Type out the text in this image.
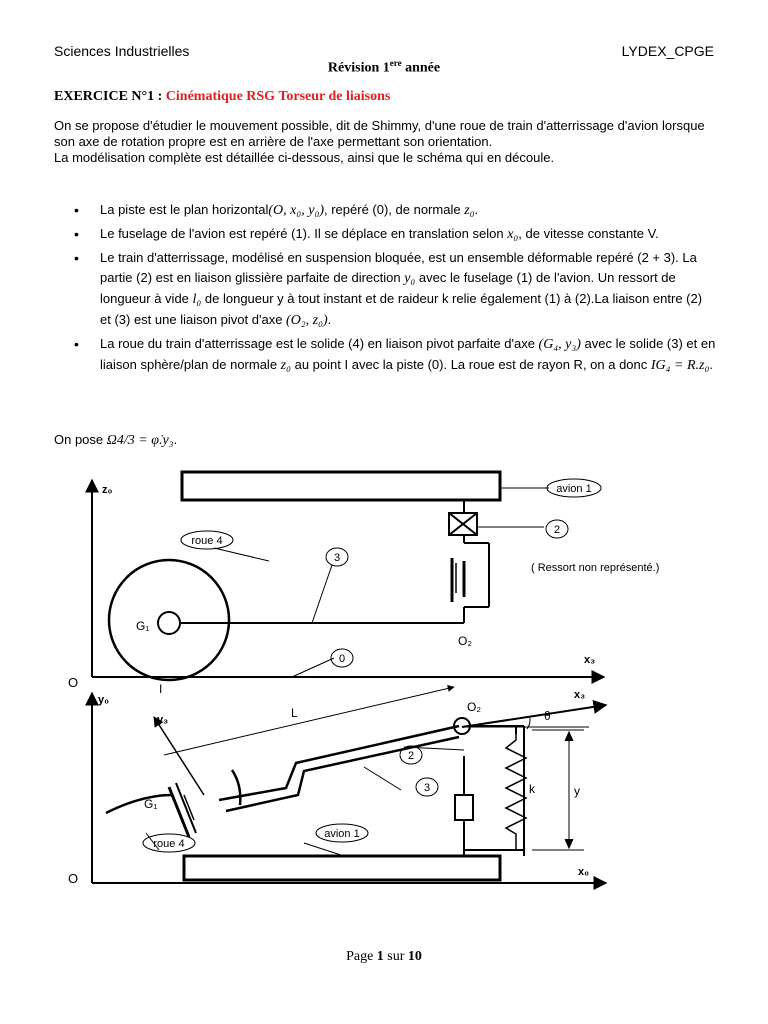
Sciences Industrielles	LYDEX_CPGE
Révision 1ere année
EXERCICE N°1 : Cinématique RSG Torseur de liaisons
On se propose d'étudier le mouvement possible, dit de Shimmy, d'une roue de train d'atterrissage d'avion lorsque son axe de rotation propre est en arrière de l'axe permettant son orientation.
La modélisation complète est détaillée ci-dessous, ainsi que le schéma qui en découle.
• La piste est le plan horizontal(O, x₀, y₀), repéré (0), de normale z₀.
• Le fuselage de l'avion est repéré (1). Il se déplace en translation selon x₀, de vitesse constante V.
• Le train d'atterrissage, modélisé en suspension bloquée, est un ensemble déformable repéré (2 + 3). La partie (2) est en liaison glissière parfaite de direction y₀ avec le fuselage (1) de l'avion. Un ressort de longueur à vide l₀ de longueur y à tout instant et de raideur k relie également (1) à (2).La liaison entre (2) et (3) est une liaison pivot d'axe (O₂, z₀).
• La roue du train d'atterrissage est le solide (4) en liaison pivot parfaite d'axe (G₄, y₃) avec le solide (3) et en liaison sphère/plan de normale z₀ au point I avec la piste (0). La roue est de rayon R, on a donc IG₄ = R.z₀.
On pose Ω4/3 = φ̇.y₃.
z₀
x₃
O	I
G₁
O₂
avion 1
2
3
roue 4
0
( Ressort non représenté.)
y₀
y₃
x₃
x₀
O
L	O₂
θ
2
3	k	y
G₁
roue 4
avion 1
Page 1 sur 10
